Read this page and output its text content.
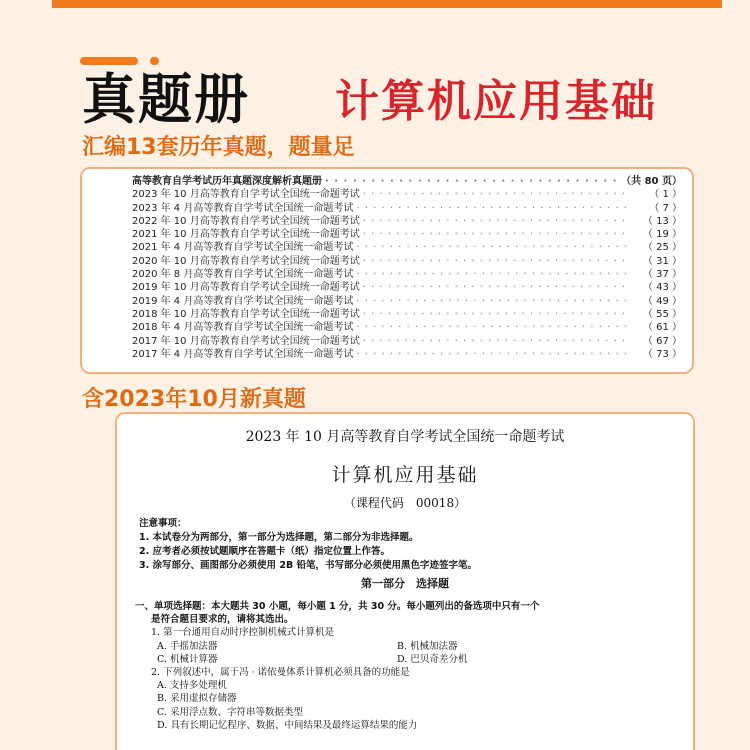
真题册 计算机应用基础
汇编13套历年真题，题量足
高等教育自学考试历年真题深度解析真题册 · · ·	（共 80 页）
2023 年 10 月高等教育自学考试全国统一命题考试 · · ·	（ 1 ）
2023 年 4 月高等教育自学考试全国统一命题考试 · · ·	（ 7 ）
2022 年 10 月高等教育自学考试全国统一命题考试 · · ·	（ 13 ）
2021 年 10 月高等教育自学考试全国统一命题考试 · · ·	（ 19 ）
2021 年 4 月高等教育自学考试全国统一命题考试 · · ·	（ 25 ）
2020 年 10 月高等教育自学考试全国统一命题考试 · · ·	（ 31 ）
2020 年 8 月高等教育自学考试全国统一命题考试 · · ·	（ 37 ）
2019 年 10 月高等教育自学考试全国统一命题考试 · · ·	（ 43 ）
2019 年 4 月高等教育自学考试全国统一命题考试 · · ·	（ 49 ）
2018 年 10 月高等教育自学考试全国统一命题考试 · · ·	（ 55 ）
2018 年 4 月高等教育自学考试全国统一命题考试 · · ·	（ 61 ）
2017 年 10 月高等教育自学考试全国统一命题考试 · · ·	（ 67 ）
2017 年 4 月高等教育自学考试全国统一命题考试 · · ·	（ 73 ）
含2023年10月新真题
2023 年 10 月高等教育自学考试全国统一命题考试
计算机应用基础
（课程代码　00018）
注意事项：
1. 本试卷分为两部分，第一部分为选择题，第二部分为非选择题。
2. 应考者必须按试题顺序在答题卡（纸）指定位置上作答。
3. 涂写部分、画图部分必须使用 2B 铅笔，书写部分必须使用黑色字迹签字笔。
第一部分　选择题
一、单项选择题：本大题共 30 小题，每小题 1 分，共 30 分。每小题列出的备选项中只有一个
是符合题目要求的，请将其选出。
1. 第一台通用自动时序控制机械式计算机是
A. 手摇加法器	B. 机械加法器
C. 机械计算器	D. 巴贝奇差分机
2. 下列叙述中，属于冯 · 诺依曼体系计算机必须具备的功能是
A. 支持多处理机
B. 采用虚拟存储器
C. 采用浮点数、字符串等数据类型
D. 具有长期记忆程序、数据、中间结果及最终运算结果的能力
